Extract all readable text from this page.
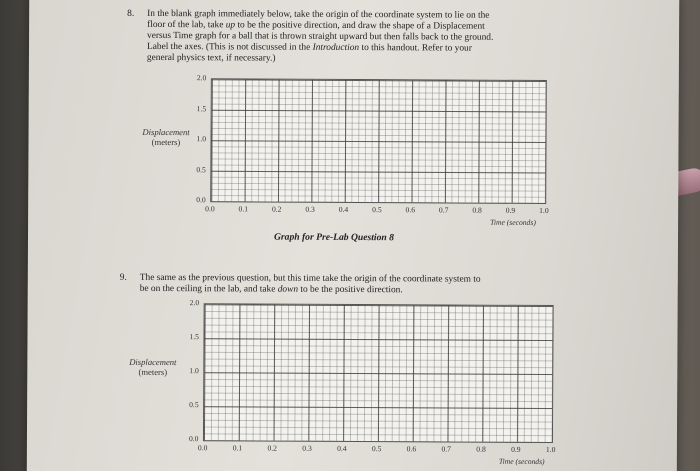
8. In the blank graph immediately below, take the origin of the coordinate system to lie on the
floor of the lab, take up to be the positive direction, and draw the shape of a Displacement
versus Time graph for a ball that is thrown straight upward but then falls back to the ground.
Label the axes. (This is not discussed in the Introduction to this handout. Refer to your
general physics text, if necessary.)
Displacement
(meters)
2.0
1.5
1.0
0.5
0.0
0.0	0.1	0.2	0.3	0.4	0.5	0.6	0.7	0.8	0.9	1.0
Time (seconds)
Graph for Pre-Lab Question 8
9. The same as the previous question, but this time take the origin of the coordinate system to
be on the ceiling in the lab, and take down to be the positive direction.
Displacement
(meters)
2.0
1.5
1.0
0.5
0.0
0.0	0.1	0.2	0.3	0.4	0.5	0.6	0.7	0.8	0.9	1.0
Time (seconds)
